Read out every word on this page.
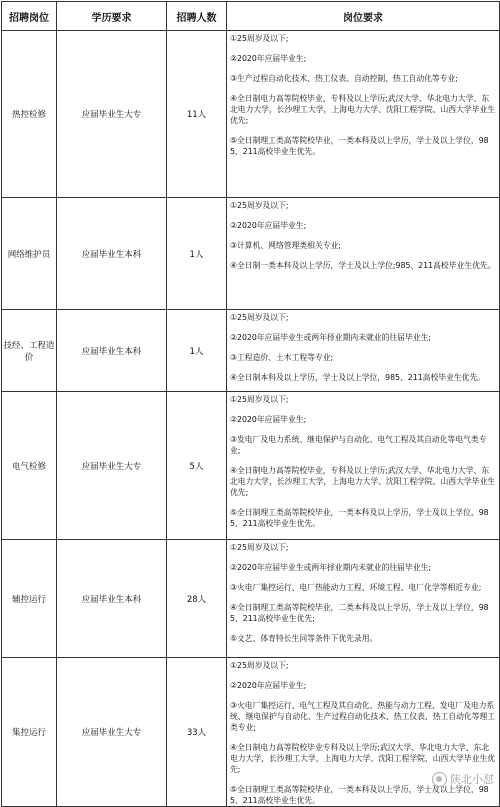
招聘岗位	学历要求	招聘人数	岗位要求
热控检修	应届毕业生大专	11人	①25周岁及以下;

②2020年应届毕业生;

③生产过程自动化技术、热工仪表、自动控制、热工自动化等专业;

④全日制电力高等院校毕业，专科及以上学历;武汉大学、华北电力大学、东北电力大学，长沙理工大学，上海电力大学、沈阳工程学院、山西大学毕业生优先;

⑤全日制理工类高等院校毕业，一类本科及以上学历，学士及以上学位，985、211高校毕业生优先。

网络维护员	应届毕业生本科	1人	①25周岁及以下;

②2020年应届毕业生;

③计算机、网络管理类相关专业;

④全日制一类本科及以上学历，学士及以上学位;985、211高校毕业生优先。

技经、工程造价	应届毕业生本科	1人	①25周岁及以下;

②2020年应届毕业生或两年择业期内未就业的往届毕业生;

③工程造价、土木工程等专业;

④全日制本科及以上学历，学士及以上学位，985、211高校毕业生优先。

电气检修	应届毕业生大专	5人	①25周岁及以下;

②2020年应届毕业生;

③发电厂及电力系统、继电保护与自动化、电气工程及其自动化等电气类专业;

④全日制电力高等院校毕业，专科及以上学历;武汉大学、华北电力大学、东北电力大学，长沙理工大学，上海电力大学、沈阳工程学院、山西大学毕业生优先;

⑤全日制理工类高等院校毕业，一类本科及以上学历，学士及以上学位，985、211高校毕业生优先。

辅控运行	应届毕业生本科	28人	①25周岁及以下;

②2020年应届毕业生或两年择业期内未就业的往届毕业生;

③火电厂集控运行、电厂热能动力工程、环境工程、电厂化学等相近专业;

④全日制理工类高等院校毕业，二类本科及以上学历，学士及以上学位，985、211高校毕业生优先;

⑤文艺、体育特长生同等条件下优先录用。

集控运行	应届毕业生大专	33人	①25周岁及以下;

②2020年应届毕业生;

③火电厂集控运行、电气工程及其自动化、热能与动力工程、发电厂及电力系统、继电保护与自动化、生产过程自动化技术、热工仪表、热工自动化等理工类专业;

④全日制电力高等院校毕业专科及以上学历;武汉大学、华北电力大学、东北电力大学，长沙理工大学，上海电力大学、沈阳工程学院、山西大学毕业生优先;

⑤全日制理工类高等院校毕业，一类本科及以上学历，学士及以上学位，985、211高校毕业生优先。

陕北小怼
